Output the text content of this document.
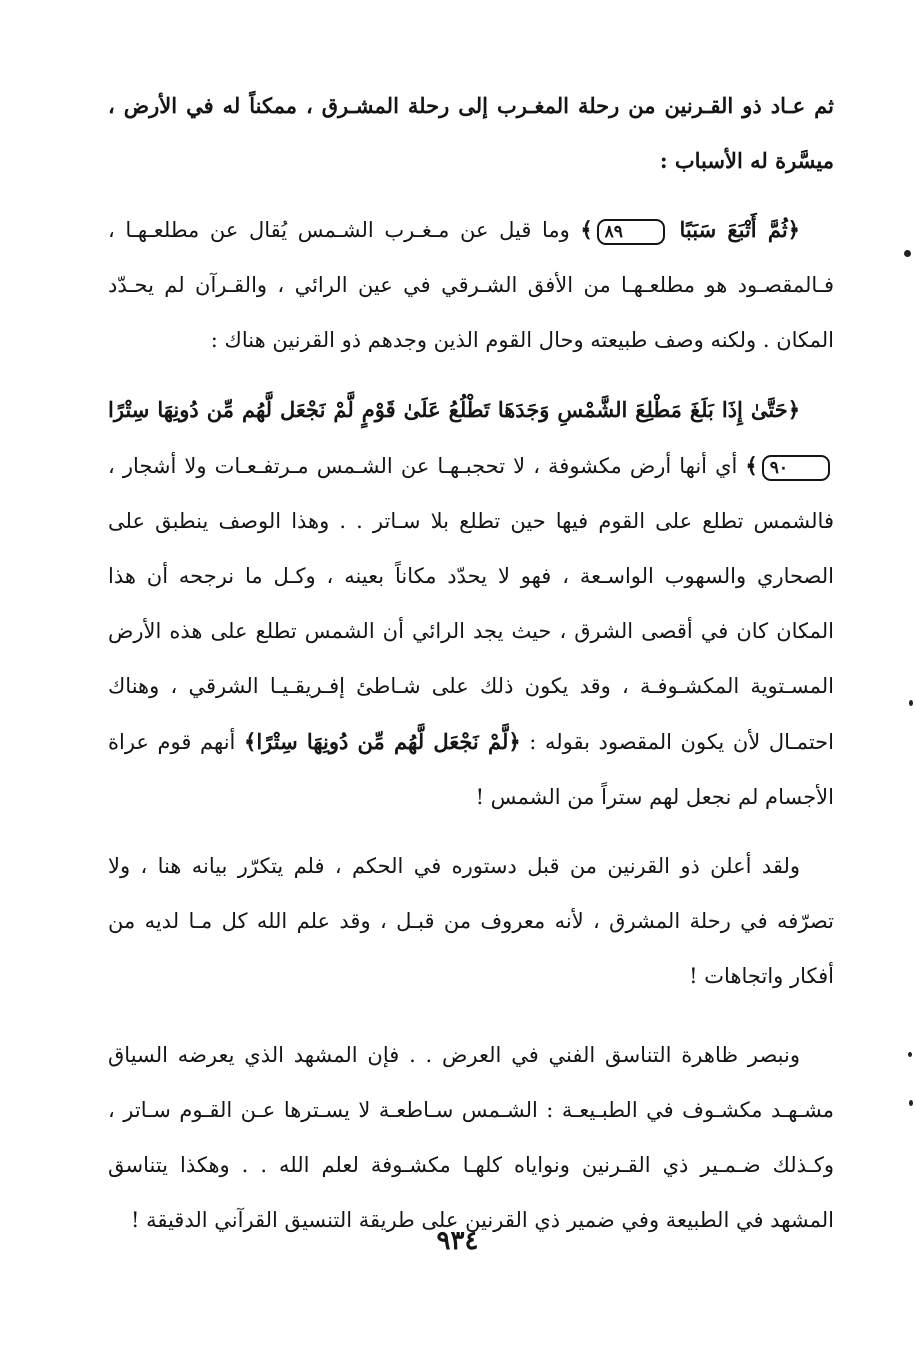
ثم عـاد ذو القـرنين من رحلة المغـرب إلى رحلة المشـرق ، ممكناً له في الأرض ، ميسَّرة له الأسباب :

﴿ثُمَّ أَتْبَعَ سَبَبًا ٨٩﴾ وما قيل عن مـغـرب الشـمس يُقال عن مطلعـهـا ، فـالمقصـود هو مطلعـهـا من الأفق الشـرقي في عين الرائي ، والقـرآن لم يحـدّد المكان . ولكنه وصف طبيعته وحال القوم الذين وجدهم ذو القرنين هناك :

﴿حَتَّىٰ إِذَا بَلَغَ مَطْلِعَ الشَّمْسِ وَجَدَهَا تَطْلُعُ عَلَىٰ قَوْمٍ لَّمْ نَجْعَل لَّهُم مِّن دُونِهَا سِتْرًا ٩٠﴾ أي أنها أرض مكشوفة ، لا تحجبـهـا عن الشـمس مـرتفـعـات ولا أشجار ، فالشمس تطلع على القوم فيها حين تطلع بلا سـاتر . . وهذا الوصف ينطبق على الصحاري والسهوب الواسـعة ، فهو لا يحدّد مكاناً بعينه ، وكـل ما نرجحه أن هذا المكان كان في أقصى الشرق ، حيث يجد الرائي أن الشمس تطلع على هذه الأرض المسـتوية المكشـوفـة ، وقد يكون ذلك على شـاطئ إفـريقـيـا الشرقي ، وهناك احتمـال لأن يكون المقصود بقوله : ﴿لَّمْ نَجْعَل لَّهُم مِّن دُونِهَا سِتْرًا﴾ أنهم قوم عراة الأجسام لم نجعل لهم ستراً من الشمس !

ولقد أعلن ذو القرنين من قبل دستوره في الحكم ، فلم يتكرّر بيانه هنا ، ولا تصرّفه في رحلة المشرق ، لأنه معروف من قبـل ، وقد علم الله كل مـا لديه من أفكار واتجاهات !

ونبصر ظاهرة التناسق الفني في العرض . . فإن المشهد الذي يعرضه السياق مشـهـد مكشـوف في الطبـيعـة : الشـمس سـاطعـة لا يسـترها عـن القـوم سـاتر ، وكـذلك ضـمـير ذي القـرنين ونواياه كلهـا مكشـوفة لعلم الله . . وهكذا يتناسق المشهد في الطبيعة وفي ضمير ذي القرنين على طريقة التنسيق القرآني الدقيقة !

٩٣٤
